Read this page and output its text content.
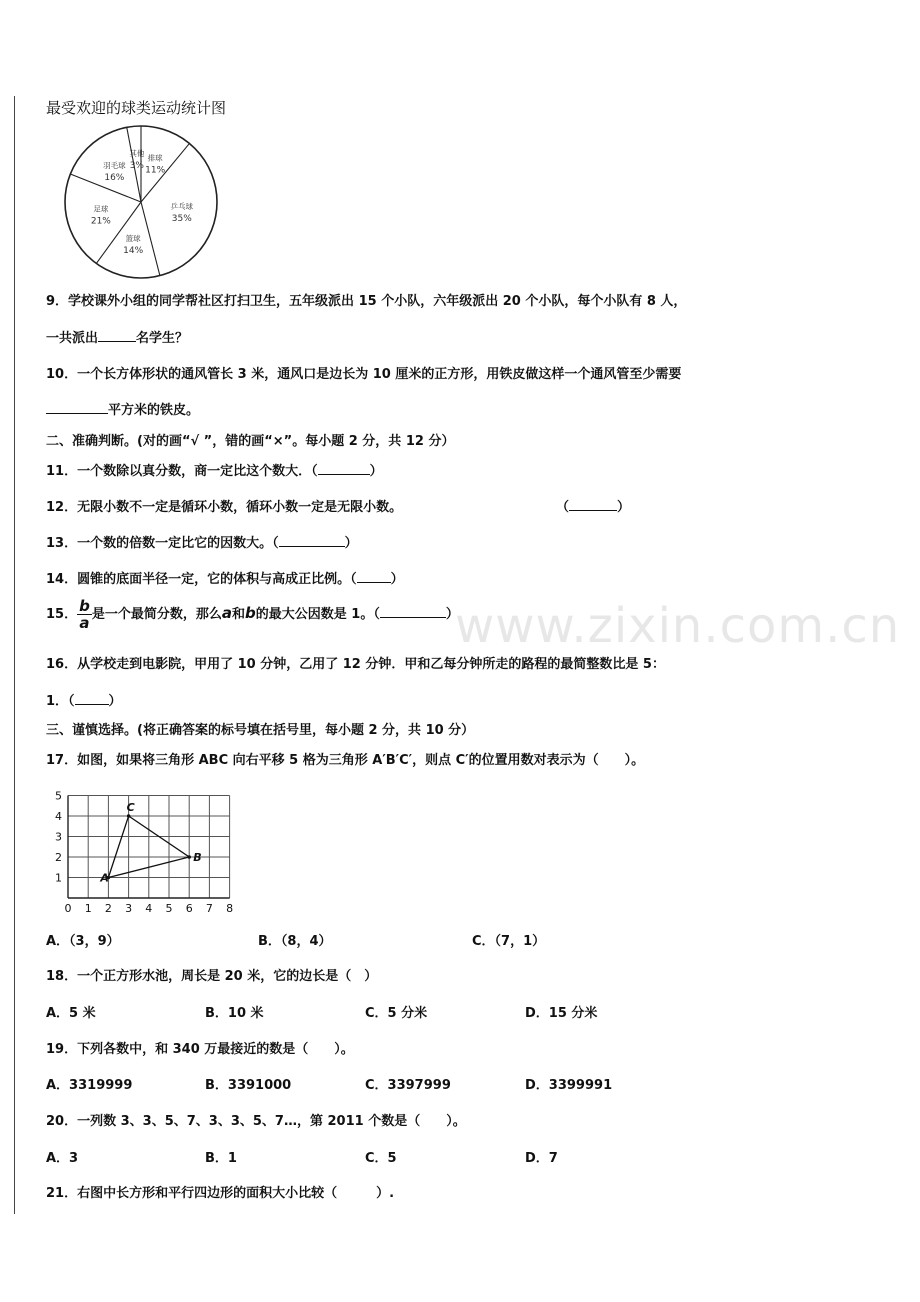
www.zixin.com.cn
最受欢迎的球类运动统计图
排球
11%
乒乓球
35%
篮球
14%
足球
21%
羽毛球
16%
其他
3%
9．学校课外小组的同学帮社区打扫卫生，五年级派出 15 个小队，六年级派出 20 个小队，每个小队有 8 人，
一共派出	名学生？
10．一个长方体形状的通风管长 3 米，通风口是边长为 10 厘米的正方形，用铁皮做这样一个通风管至少需要
平方米的铁皮。
二、准确判断。(对的画“√ ”，错的画“×”。每小题 2 分，共 12 分）
11．一个数除以真分数，商一定比这个数大．（	）
12．无限小数不一定是循环小数，循环小数一定是无限小数。	（	）
13．一个数的倍数一定比它的因数大。（	）
14．圆锥的底面半径一定，它的体积与高成正比例。（	）
15． $\frac{b}{a}$ 是一个最简分数，那么a和b的最大公因数是 1。（	）
16．从学校走到电影院，甲用了 10 分钟，乙用了 12 分钟．甲和乙每分钟所走的路程的最简整数比是 5：
1．（	）
三、谨慎选择。(将正确答案的标号填在括号里，每小题 2 分，共 10 分）
17．如图，如果将三角形 ABC 向右平移 5 格为三角形 A′B′C′，则点 C′的位置用数对表示为（　　）。
0 1 2 3 4 5 6 7 8
1
2
3
4
5
A
B
C
A．（3，9）	B．（8，4）	C．（7，1）
18．一个正方形水池，周长是 20 米，它的边长是（　）
A．5 米	B．10 米	C．5 分米	D．15 分米
19．下列各数中，和 340 万最接近的数是（　　）。
A．3319999	B．3391000	C．3397999	D．3399991
20．一列数 3、3、5、7、3、3、5、7…，第 2011 个数是（　　）。
A．3	B．1	C．5	D．7
21．右图中长方形和平行四边形的面积大小比较（　　　）.
